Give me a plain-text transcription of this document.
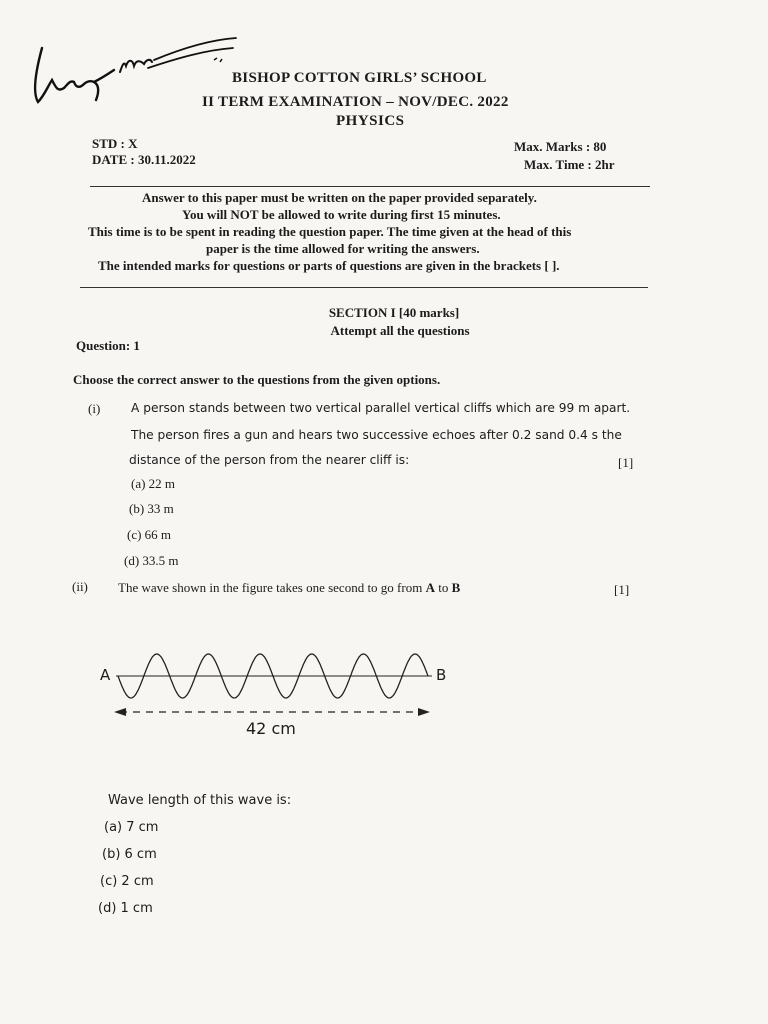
BISHOP COTTON GIRLS’ SCHOOL
II TERM EXAMINATION – NOV/DEC. 2022
PHYSICS
STD : X
DATE : 30.11.2022
Max. Marks : 80
Max. Time : 2hr
Answer to this paper must be written on the paper provided separately.
You will NOT be allowed to write during first 15 minutes.
This time is to be spent in reading the question paper. The time given at the head of this
paper is the time allowed for writing the answers.
The intended marks for questions or parts of questions are given in the brackets [ ].
SECTION I [40 marks]
Attempt all the questions
Question: 1
Choose the correct answer to the questions from the given options.
(i)	A person stands between two vertical parallel vertical cliffs which are 99 m apart.
The person fires a gun and hears two successive echoes after 0.2 sand 0.4 s the
distance of the person from the nearer cliff is:	[1]
(a) 22 m
(b) 33 m
(c) 66 m
(d) 33.5 m
(ii) The wave shown in the figure takes one second to go from A to B	[1]
A	B
42 cm
Wave length of this wave is:
(a) 7 cm
(b) 6 cm
(c) 2 cm
(d) 1 cm
